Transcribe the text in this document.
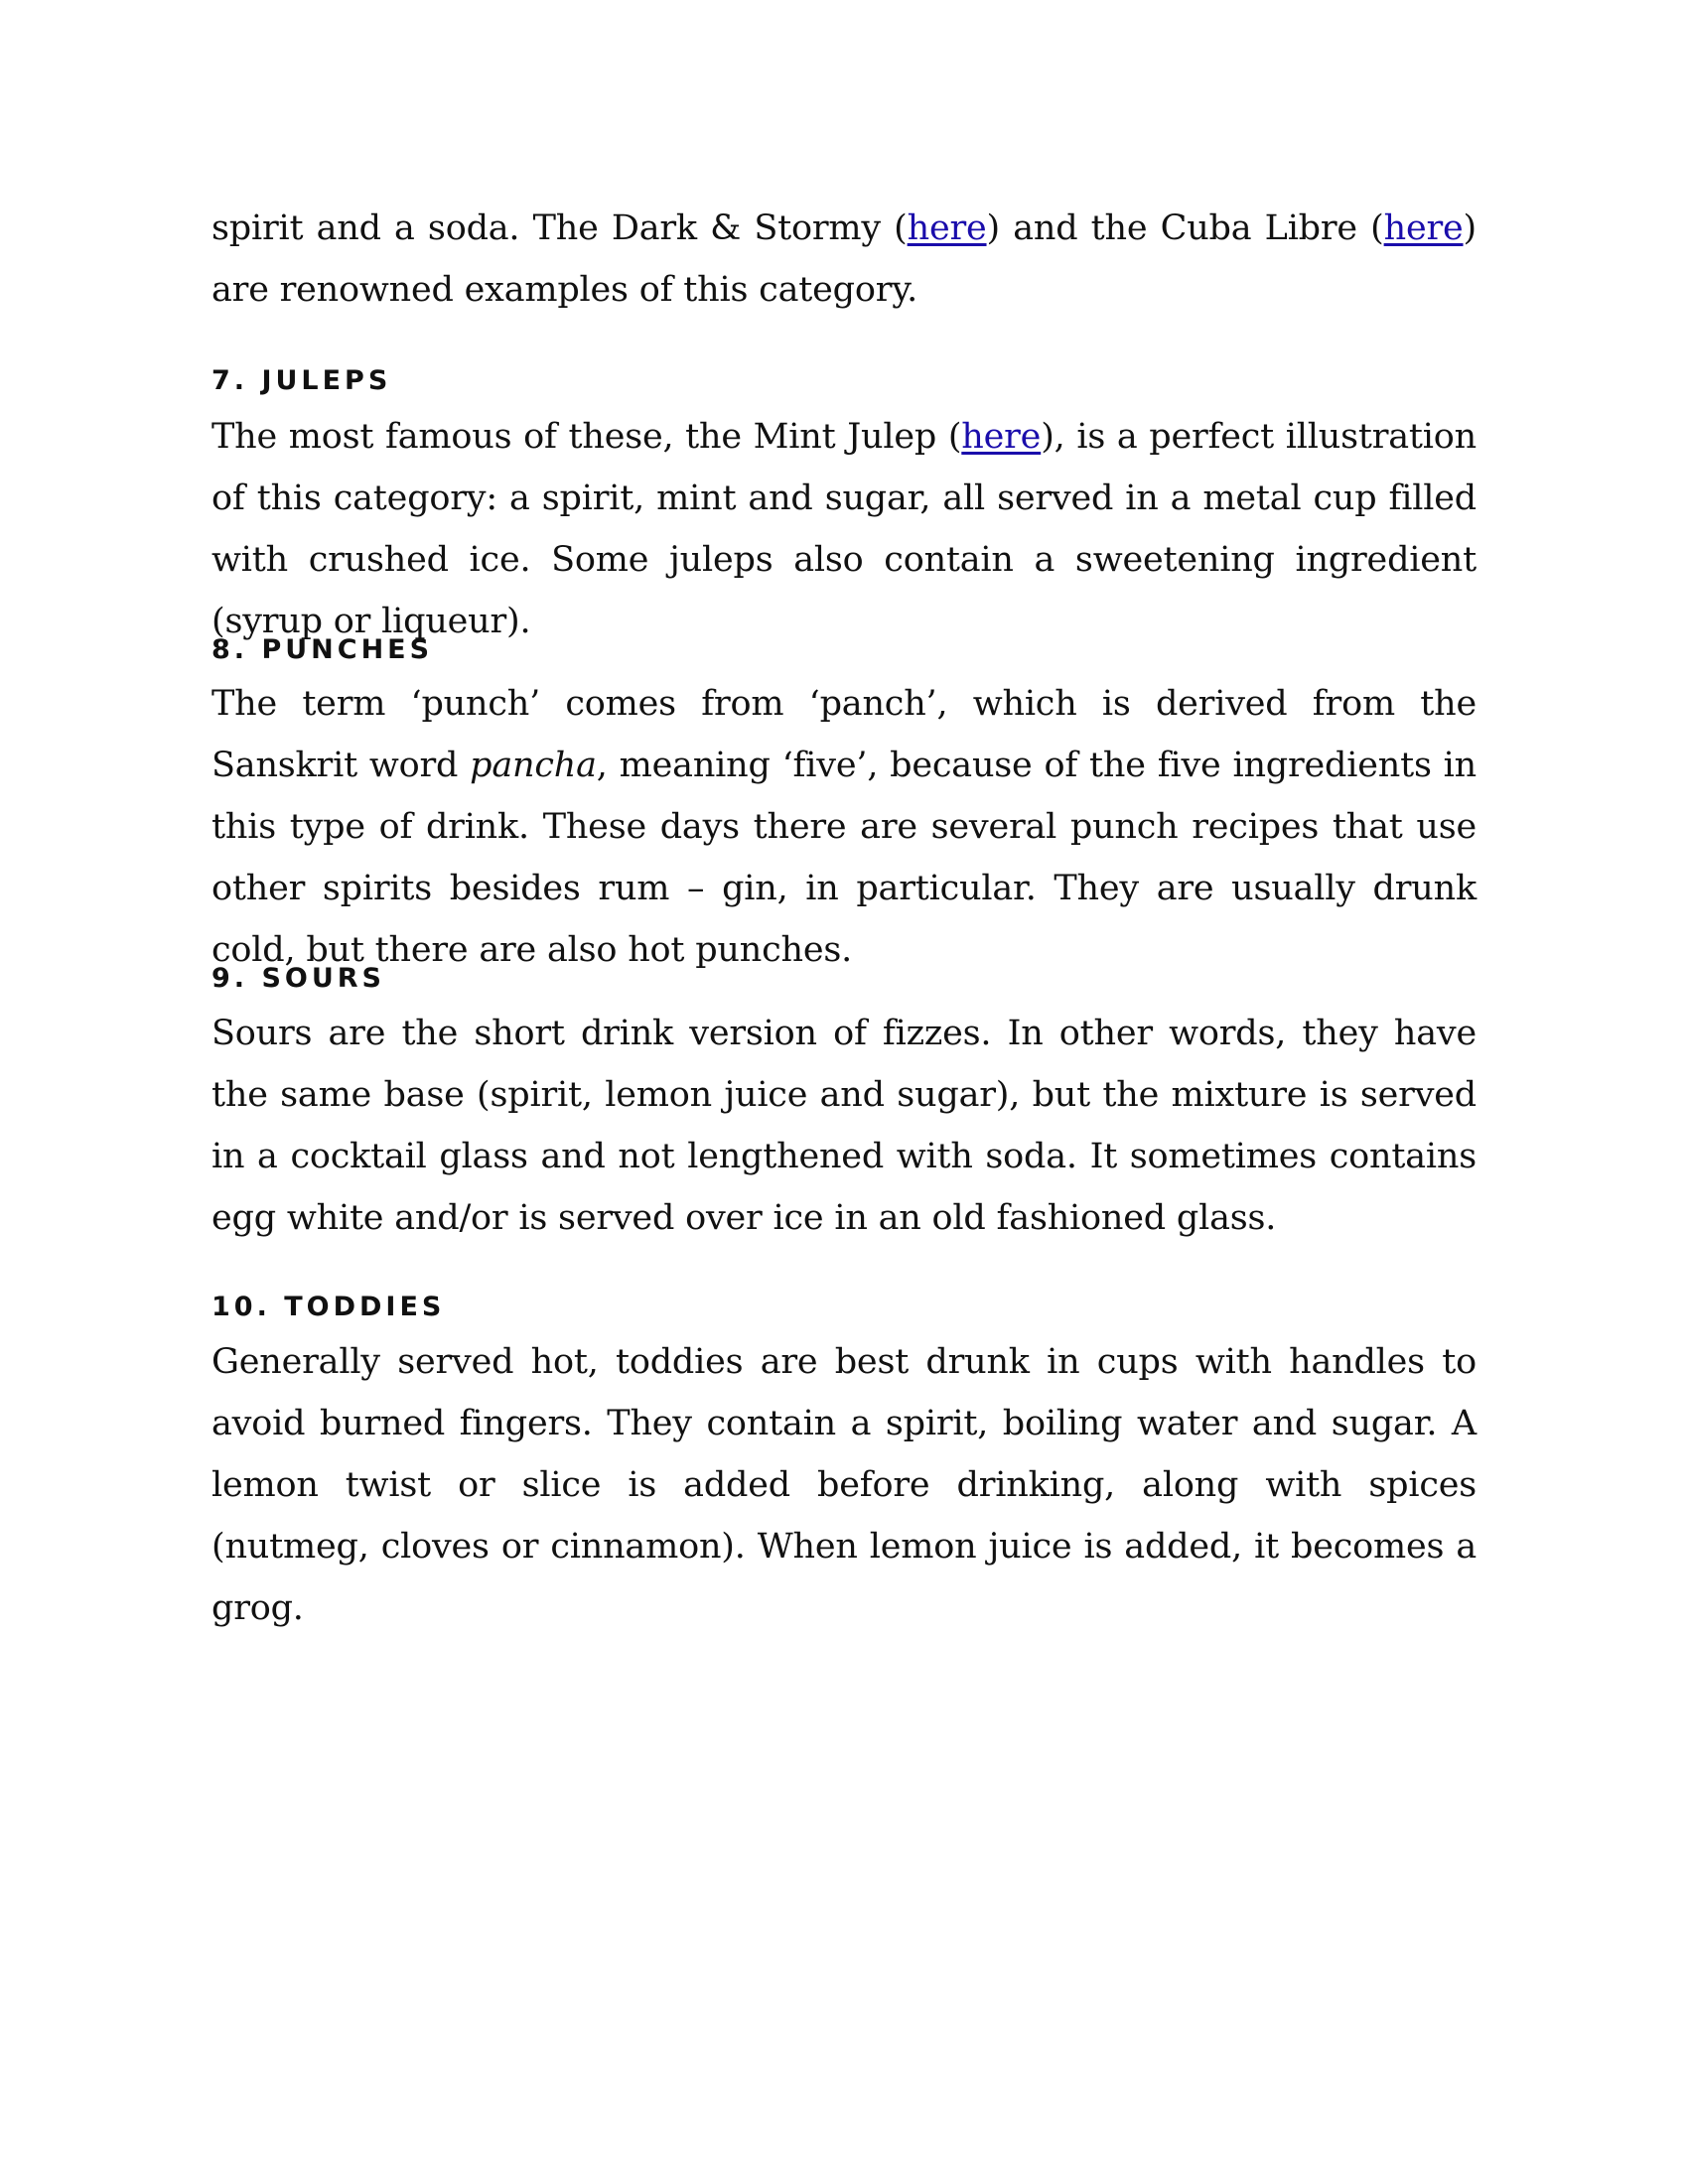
spirit and a soda. The Dark & Stormy (here) and the Cuba Libre (here) are renowned examples of this category.

7. JULEPS

The most famous of these, the Mint Julep (here), is a perfect illustration of this category: a spirit, mint and sugar, all served in a metal cup filled with crushed ice. Some juleps also contain a sweetening ingredient (syrup or liqueur).

8. PUNCHES

The term ‘punch’ comes from ‘panch’, which is derived from the Sanskrit word pancha, meaning ‘five’, because of the five ingredients in this type of drink. These days there are several punch recipes that use other spirits besides rum – gin, in particular. They are usually drunk cold, but there are also hot punches.

9. SOURS

Sours are the short drink version of fizzes. In other words, they have the same base (spirit, lemon juice and sugar), but the mixture is served in a cocktail glass and not lengthened with soda. It sometimes contains egg white and/or is served over ice in an old fashioned glass.

10. TODDIES

Generally served hot, toddies are best drunk in cups with handles to avoid burned fingers. They contain a spirit, boiling water and sugar. A lemon twist or slice is added before drinking, along with spices (nutmeg, cloves or cinnamon). When lemon juice is added, it becomes a grog.
